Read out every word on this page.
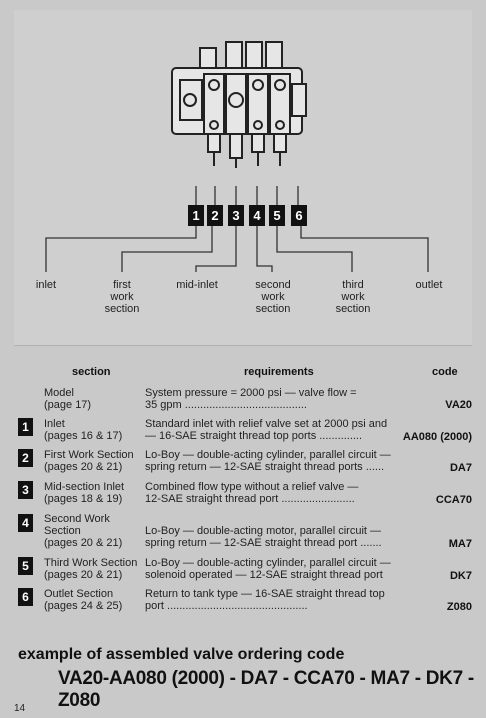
1 2	3	4 5	6
inlet	first
work
section
mid-inlet	second
work
section
third
work
section
outlet
section	requirements	code
Model
(page 17)
System pressure = 2000 psi — valve flow =
35 gpm ........................................	VA20
1	Inlet
(pages 16 & 17)
Standard inlet with relief valve set at 2000 psi and
— 16-SAE straight thread top ports ..............	AA080 (2000)
2	First Work Section
(pages 20 & 21)
Lo-Boy — double-acting cylinder, parallel circuit —
spring return — 12-SAE straight thread ports ......	DA7
3	Mid-section Inlet
(pages 18 & 19)
Combined flow type without a relief valve —
12-SAE straight thread port ........................	CCA70
4	Second Work
Section
(pages 20 & 21)
Lo-Boy — double-acting motor, parallel circuit —
spring return — 12-SAE straight thread port .......	MA7
5	Third Work Section
(pages 20 & 21)
Lo-Boy — double-acting cylinder, parallel circuit —
solenoid operated — 12-SAE straight thread port	DK7
6	Outlet Section
(pages 24 & 25)
Return to tank type — 16-SAE straight thread top
port ..............................................	Z080
example of assembled valve ordering code
VA20-AA080 (2000) - DA7 - CCA70 - MA7 - DK7 - Z080
14
